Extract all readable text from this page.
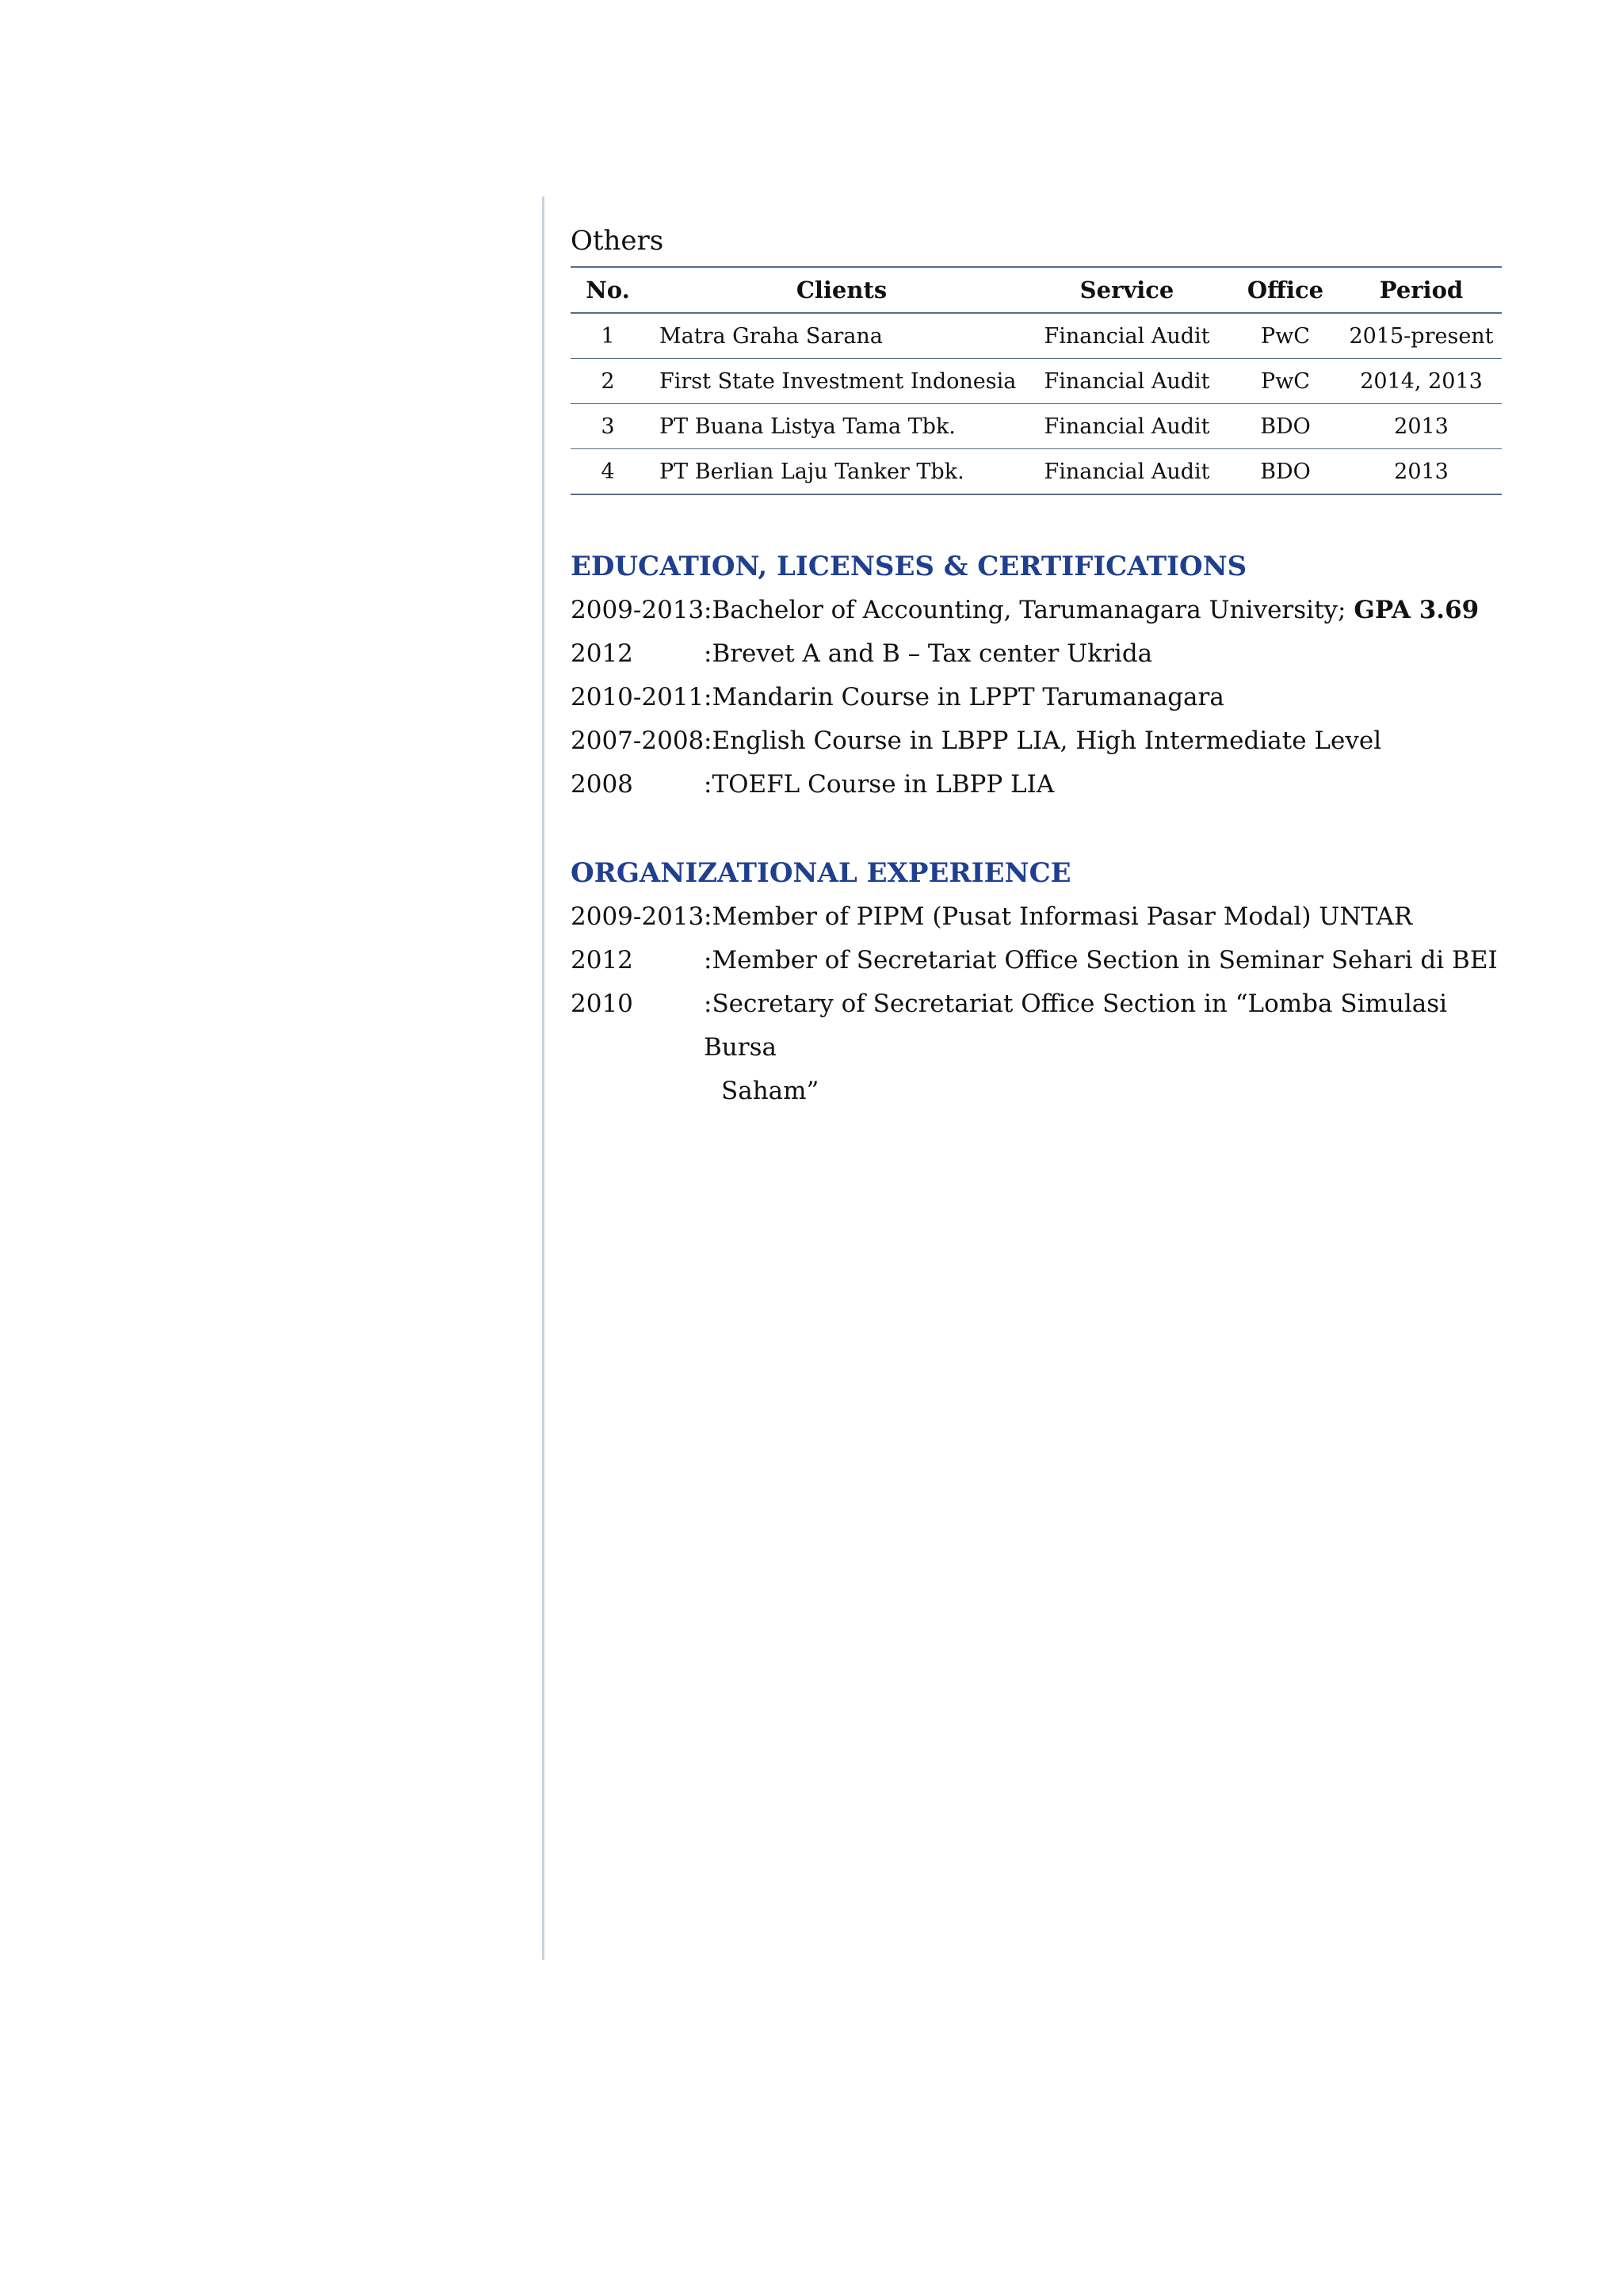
Others
No.	Clients	Service	Office	Period
1	Matra Graha Sarana	Financial Audit	PwC	2015-present
2	First State Investment Indonesia	Financial Audit	PwC	2014, 2013
3	PT Buana Listya Tama Tbk.	Financial Audit	BDO	2013
4	PT Berlian Laju Tanker Tbk.	Financial Audit	BDO	2013
EDUCATION, LICENSES & CERTIFICATIONS
2009-2013 :Bachelor of Accounting, Tarumanagara University; GPA 3.69
2012	:Brevet A and B – Tax center Ukrida
2010-2011 :Mandarin Course in LPPT Tarumanagara
2007-2008 :English Course in LBPP LIA, High Intermediate Level
2008	:TOEFL Course in LBPP LIA
ORGANIZATIONAL EXPERIENCE
2009-2013 :Member of PIPM (Pusat Informasi Pasar Modal) UNTAR
2012	:Member of Secretariat Office Section in Seminar Sehari di BEI
2010	:Secretary of Secretariat Office Section in “Lomba Simulasi Bursa
Saham”
